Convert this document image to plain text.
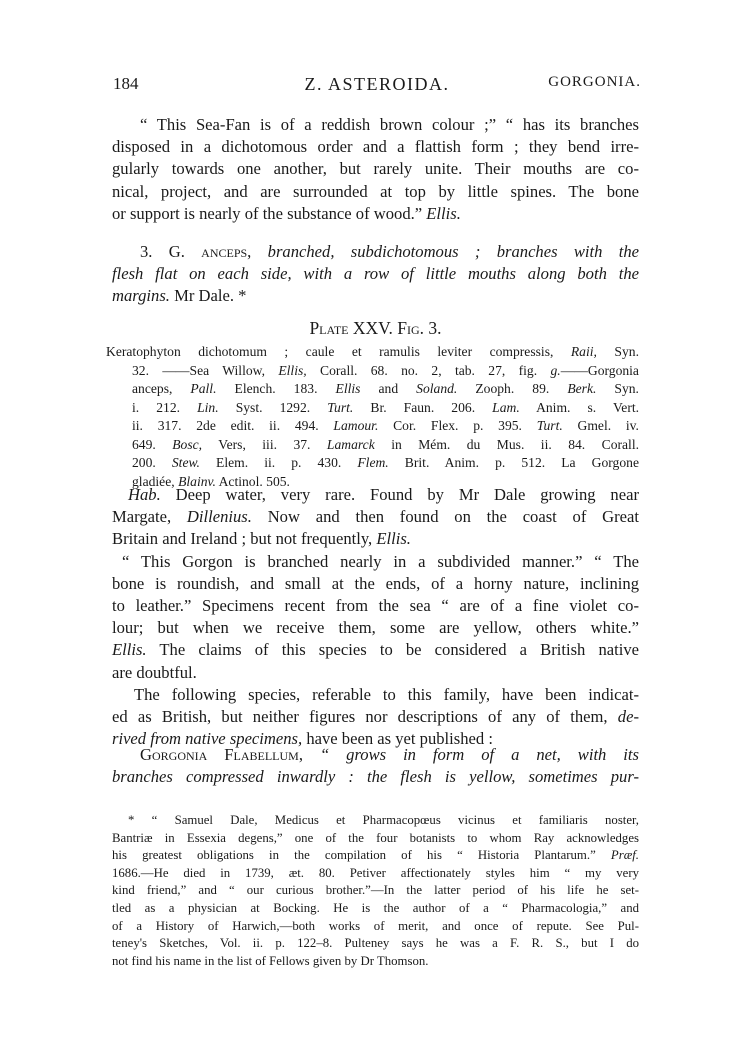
184	Z. ASTEROIDA.	GORGONIA.
“ This Sea-Fan is of a reddish brown colour ;” “ has its branches
disposed in a dichotomous order and a flattish form ; they bend irre-
gularly towards one another, but rarely unite. Their mouths are co-
nical, project, and are surrounded at top by little spines. The bone
or support is nearly of the substance of wood.” Ellis.
3. G. anceps, branched, subdichotomous ; branches with the
flesh flat on each side, with a row of little mouths along both the
margins. Mr Dale. *
Plate XXV. Fig. 3.
Keratophyton dichotomum ; caule et ramulis leviter compressis, Raii, Syn.
32. ——Sea Willow, Ellis, Corall. 68. no. 2, tab. 27, fig. g.——Gorgonia
anceps, Pall. Elench. 183. Ellis and Soland. Zooph. 89. Berk. Syn.
i. 212. Lin. Syst. 1292. Turt. Br. Faun. 206. Lam. Anim. s. Vert.
ii. 317. 2de edit. ii. 494. Lamour. Cor. Flex. p. 395. Turt. Gmel. iv.
649. Bosc, Vers, iii. 37. Lamarck in Mém. du Mus. ii. 84. Corall.
200. Stew. Elem. ii. p. 430. Flem. Brit. Anim. p. 512. La Gorgone
gladiée, Blainv. Actinol. 505.
Hab. Deep water, very rare. Found by Mr Dale growing near
Margate, Dillenius. Now and then found on the coast of Great
Britain and Ireland ; but not frequently, Ellis.
“ This Gorgon is branched nearly in a subdivided manner.” “ The
bone is roundish, and small at the ends, of a horny nature, inclining
to leather.” Specimens recent from the sea “ are of a fine violet co-
lour; but when we receive them, some are yellow, others white.”
Ellis. The claims of this species to be considered a British native
are doubtful.
The following species, referable to this family, have been indicat-
ed as British, but neither figures nor descriptions of any of them, de-
rived from native specimens, have been as yet published :
Gorgonia Flabellum, “ grows in form of a net, with its
branches compressed inwardly : the flesh is yellow, sometimes pur-
* “ Samuel Dale, Medicus et Pharmacopœus vicinus et familiaris noster,
Bantriæ in Essexia degens,” one of the four botanists to whom Ray acknowledges
his greatest obligations in the compilation of his “ Historia Plantarum.” Præf.
1686.—He died in 1739, æt. 80. Petiver affectionately styles him “ my very
kind friend,” and “ our curious brother.”—In the latter period of his life he set-
tled as a physician at Bocking. He is the author of a “ Pharmacologia,” and
of a History of Harwich,—both works of merit, and once of repute. See Pul-
teney's Sketches, Vol. ii. p. 122–8. Pulteney says he was a F. R. S., but I do
not find his name in the list of Fellows given by Dr Thomson.
